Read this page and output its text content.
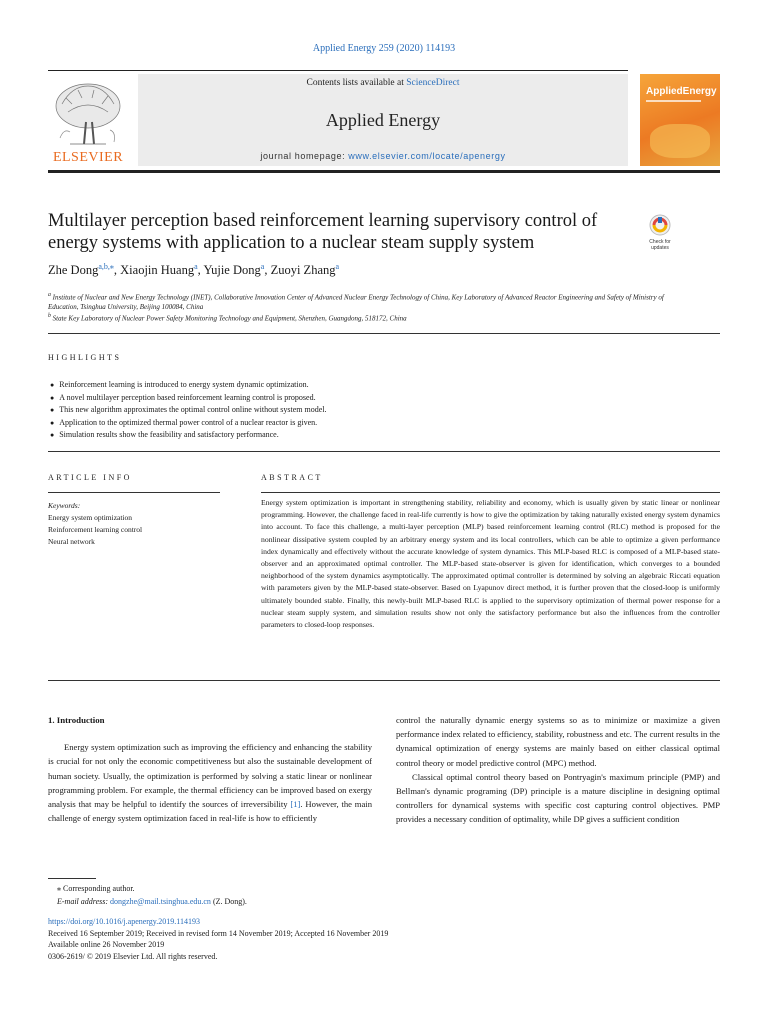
Applied Energy 259 (2020) 114193
ELSEVIER
Contents lists available at ScienceDirect
Applied Energy
journal homepage: www.elsevier.com/locate/apenergy
AppliedEnergy
Multilayer perception based reinforcement learning supervisory control of energy systems with application to a nuclear steam supply system	Check for
updates
Zhe Dong$^{a,b,⁎}$, Xiaojin Huang$^a$, Yujie Dong$^a$, Zuoyi Zhang$^a$
$^a$ Institute of Nuclear and New Energy Technology (INET), Collaborative Innovation Center of Advanced Nuclear Energy Technology of China, Key Laboratory of Advanced Reactor Engineering and Safety of Ministry of Education, Tsinghua University, Beijing 100084, China
$^b$ State Key Laboratory of Nuclear Power Safety Monitoring Technology and Equipment, Shenzhen, Guangdong, 518172, China
HIGHLIGHTS
● Reinforcement learning is introduced to energy system dynamic optimization.
● A novel multilayer perception based reinforcement learning control is proposed.
● This new algorithm approximates the optimal control online without system model.
● Application to the optimized thermal power control of a nuclear reactor is given.
● Simulation results show the feasibility and satisfactory performance.
ARTICLE INFO	ABSTRACT
Keywords:
Energy system optimization
Reinforcement learning control
Neural network
Energy system optimization is important in strengthening stability, reliability and economy, which is usually given by static linear or nonlinear programming. However, the challenge faced in real-life currently is how to give the optimization by taking naturally existed energy system dynamics into account. To face this challenge, a multi-layer perception (MLP) based reinforcement learning control (RLC) method is proposed for the nonlinear dissipative system coupled by an arbitrary energy system and its local controllers, which can be able to optimize a given performance index dynamically and effectively without the accurate knowledge of system dynamics. This MLP-based RLC is composed of a MLP-based state-observer and an approximated optimal controller. The MLP-based state-observer is given for identification, which converges to a bounded neighborhood of the system dynamics asymptotically. The approximated optimal controller is determined by solving an algebraic Riccati equation with parameters given by the MLP-based state-observer. Based on Lyapunov direct method, it is further proven that the closed-loop is uniformly ultimately bounded stable. Finally, this newly-built MLP-based RLC is applied to the supervisory optimization of thermal power response for a nuclear steam supply system, and simulation results show not only the satisfactory performance but also the influences from the controller parameters to closed-loop responses.
1. Introduction

Energy system optimization such as improving the efficiency and enhancing the stability is crucial for not only the economic competitiveness but also the sustainable development of human society. Usually, the optimization is performed by solving a static linear or nonlinear programming problem. For example, the thermal efficiency can be improved based on exergy analysis that may be helpful to identify the sources of irreversibility [1]. However, the main challenge of energy system optimization faced in real-life is how to efficiently

control the naturally dynamic energy systems so as to minimize or maximize a given performance index related to efficiency, stability, robustness and etc. The current results in the dynamical optimization of energy systems are mainly based on either classical optimal control theory or model predictive control (MPC) method.

Classical optimal control theory based on Pontryagin's maximum principle (PMP) and Bellman's dynamic programing (DP) principle is a mature discipline in designing optimal controllers for dynamical systems with specific cost capturing control objectives. PMP provides a necessary condition of optimality, while DP gives a sufficient condition

⁎ Corresponding author.
E-mail address: dongzhe@mail.tsinghua.edu.cn (Z. Dong).
https://doi.org/10.1016/j.apenergy.2019.114193
Received 16 September 2019; Received in revised form 14 November 2019; Accepted 16 November 2019
Available online 26 November 2019
0306-2619/ © 2019 Elsevier Ltd. All rights reserved.
